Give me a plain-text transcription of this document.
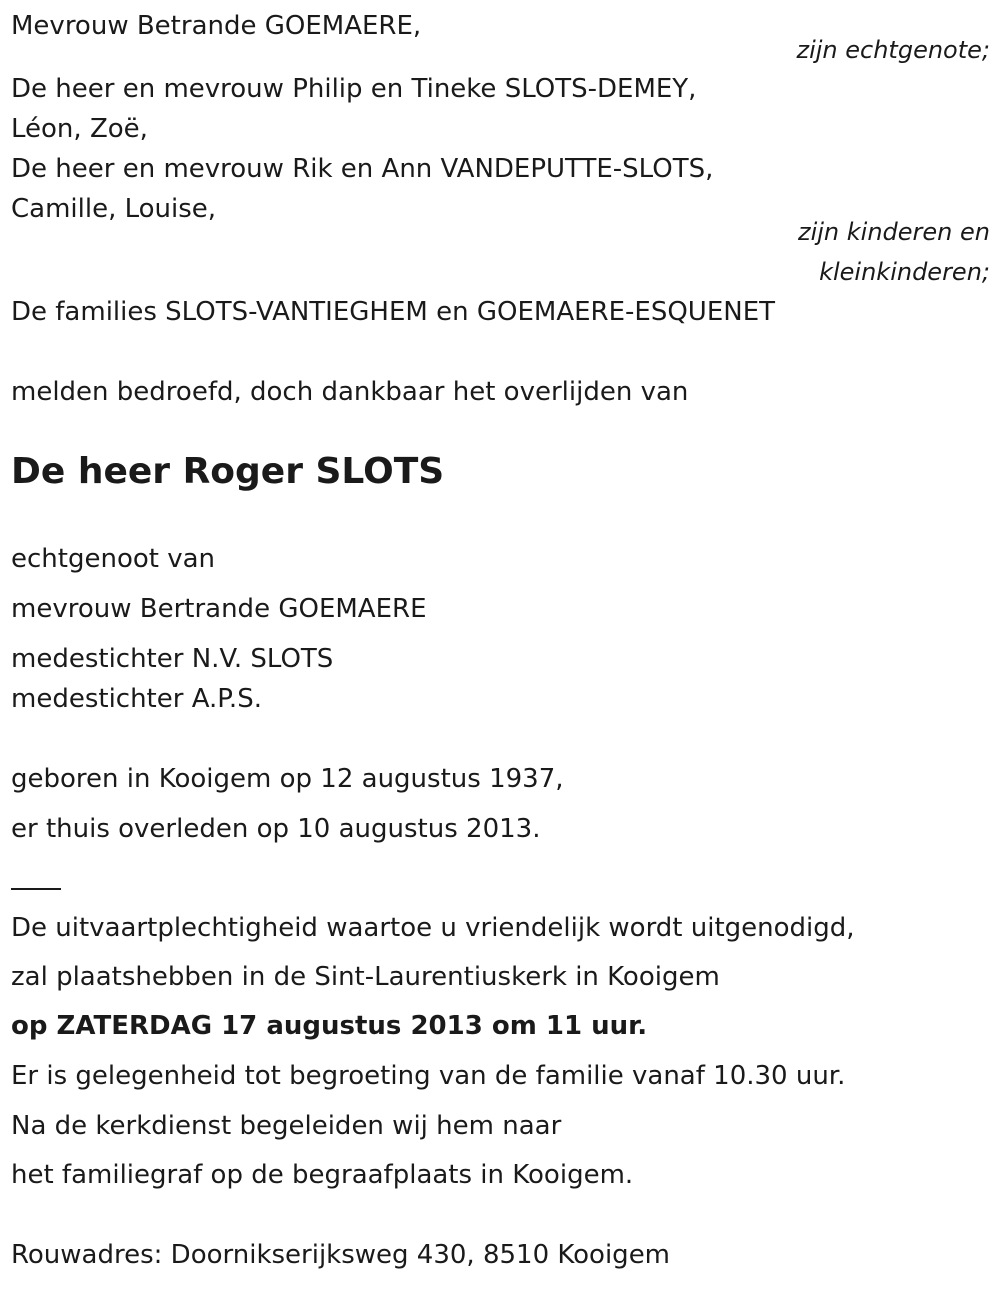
Mevrouw Betrande GOEMAERE,
zijn echtgenote;
De heer en mevrouw Philip en Tineke SLOTS-DEMEY,
Léon, Zoë,
De heer en mevrouw Rik en Ann VANDEPUTTE-SLOTS,
Camille, Louise,
zijn kinderen en
kleinkinderen;
De families SLOTS-VANTIEGHEM en GOEMAERE-ESQUENET
melden bedroefd, doch dankbaar het overlijden van
De heer Roger SLOTS
echtgenoot van
mevrouw Bertrande GOEMAERE
medestichter N.V. SLOTS
medestichter A.P.S.
geboren in Kooigem op 12 augustus 1937,
er thuis overleden op 10 augustus 2013.
De uitvaartplechtigheid waartoe u vriendelijk wordt uitgenodigd,
zal plaatshebben in de Sint-Laurentiuskerk in Kooigem
op ZATERDAG 17 augustus 2013 om 11 uur.
Er is gelegenheid tot begroeting van de familie vanaf 10.30 uur.
Na de kerkdienst begeleiden wij hem naar
het familiegraf op de begraafplaats in Kooigem.
Rouwadres: Doornikserijksweg 430, 8510 Kooigem
